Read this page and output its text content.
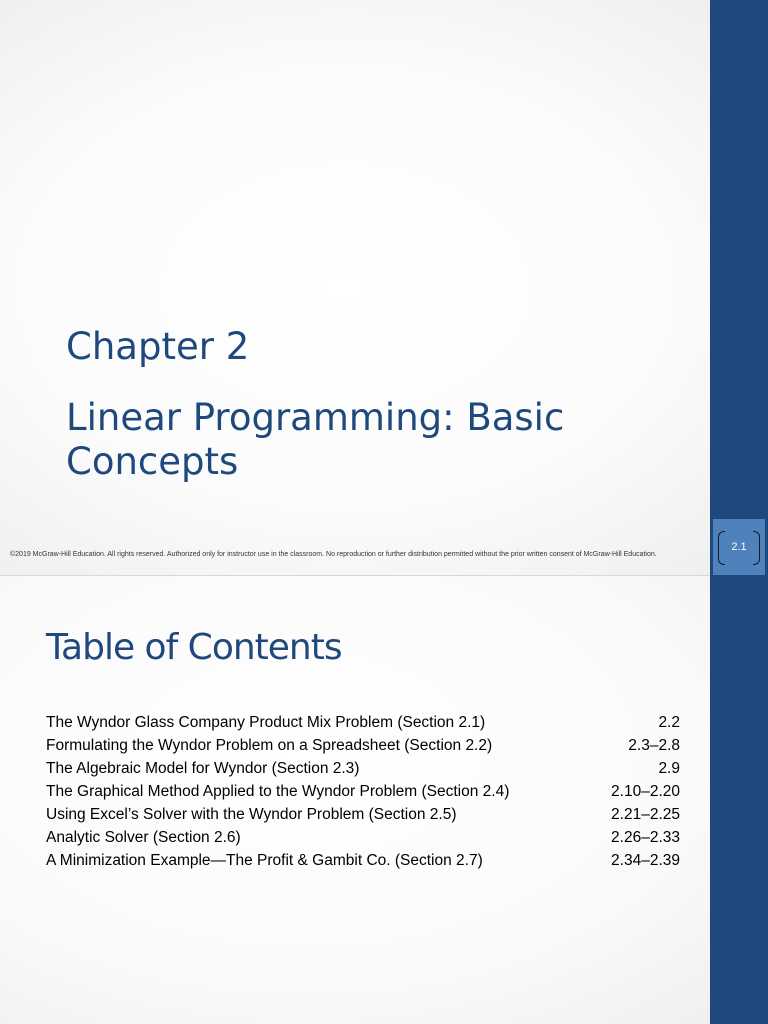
Chapter 2
Linear Programming: Basic Concepts
©2019 McGraw-Hill Education. All rights reserved. Authorized only for instructor use in the classroom. No reproduction or further distribution permitted without the prior written consent of McGraw-Hill Education.
2.1
Table of Contents
The Wyndor Glass Company Product Mix Problem (Section 2.1)	2.2
Formulating the Wyndor Problem on a Spreadsheet (Section 2.2)	2.3–2.8
The Algebraic Model for Wyndor (Section 2.3)	2.9
The Graphical Method Applied to the Wyndor Problem (Section 2.4)	2.10–2.20
Using Excel’s Solver with the Wyndor Problem (Section 2.5)	2.21–2.25
Analytic Solver (Section 2.6)	2.26–2.33
A Minimization Example—The Profit & Gambit Co. (Section 2.7)	2.34–2.39
